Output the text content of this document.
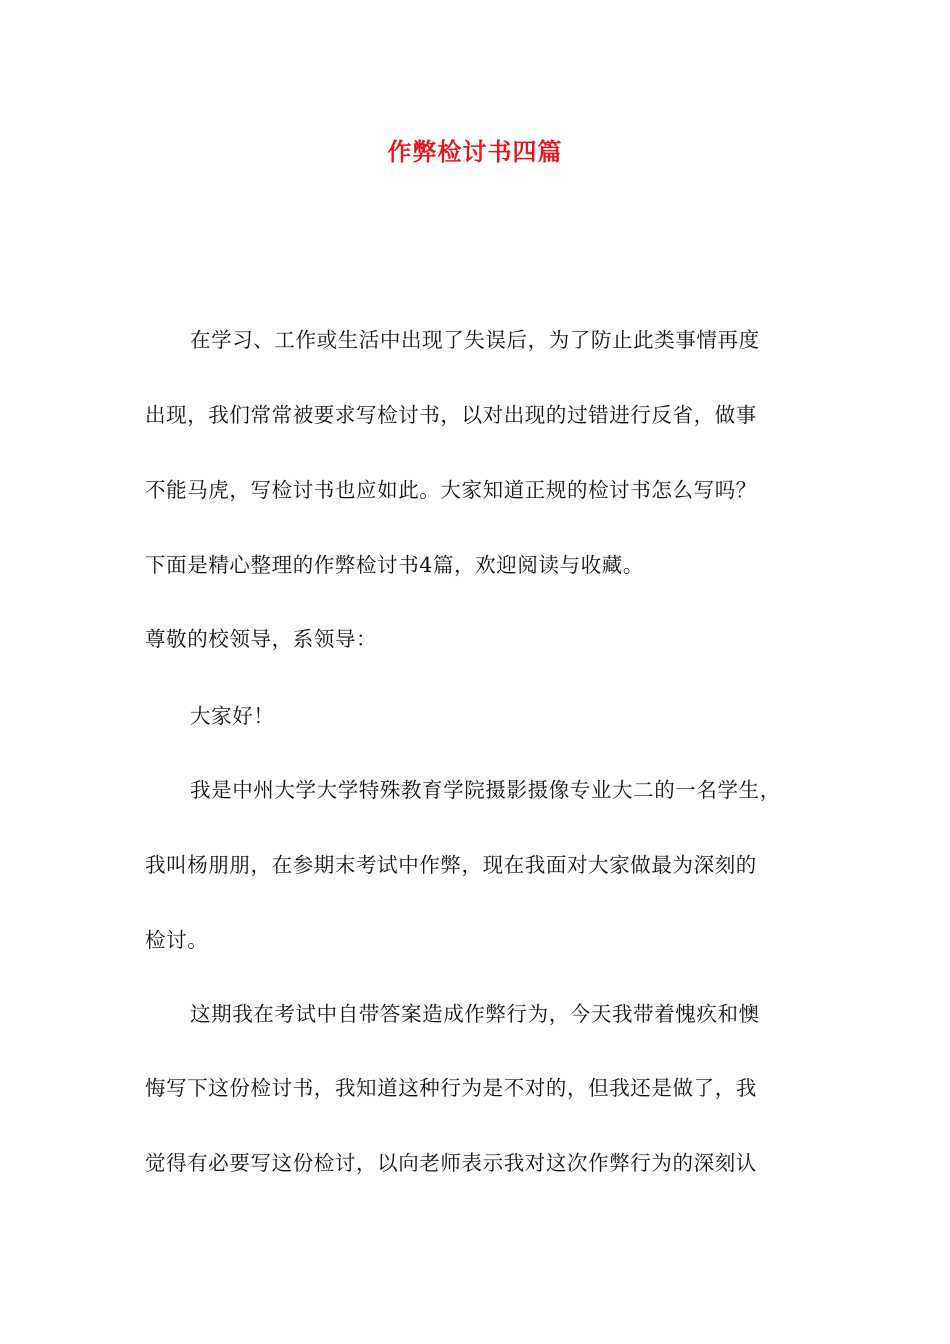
作弊检讨书四篇
在学习、工作或生活中出现了失误后，为了防止此类事情再度
出现，我们常常被要求写检讨书，以对出现的过错进行反省，做事
不能马虎，写检讨书也应如此。大家知道正规的检讨书怎么写吗？
下面是精心整理的作弊检讨书4篇，欢迎阅读与收藏。
尊敬的校领导，系领导：
大家好！
我是中州大学大学特殊教育学院摄影摄像专业大二的一名学生，
我叫杨朋朋，在参期末考试中作弊，现在我面对大家做最为深刻的
检讨。
这期我在考试中自带答案造成作弊行为，今天我带着愧疚和懊
悔写下这份检讨书，我知道这种行为是不对的，但我还是做了，我
觉得有必要写这份检讨，以向老师表示我对这次作弊行为的深刻认
